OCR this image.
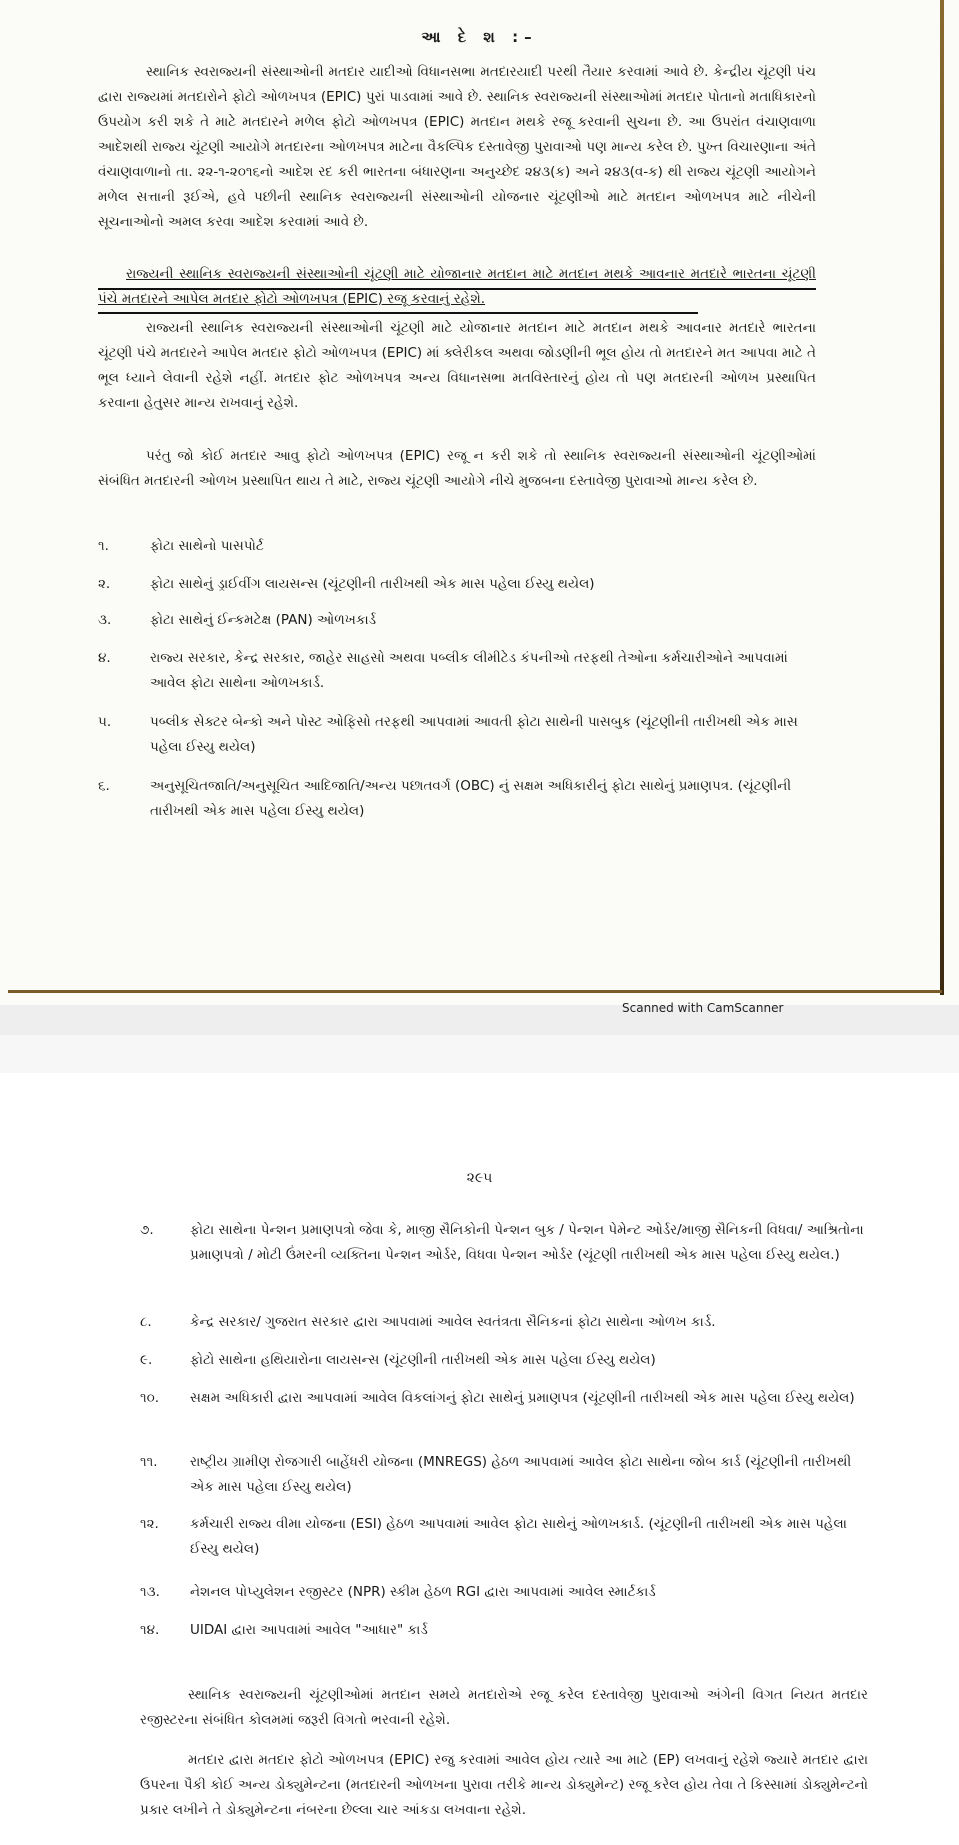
આ દે શ :–
સ્થાનિક સ્વરાજ્યની સંસ્થાઓની મતદાર યાદીઓ વિધાનસભા મતદારયાદી પરથી તૈયાર કરવામાં આવે છે. કેન્દ્રીય ચૂંટણી પંચ દ્વારા રાજ્યમાં મતદારોને ફોટો ઓળખપત્ર (EPIC) પુરાં પાડવામાં આવે છે. સ્થાનિક સ્વરાજ્યની સંસ્થાઓમાં મતદાર પોતાનો મતાધિકારનો ઉપયોગ કરી શકે તે માટે મતદારને મળેલ ફોટો ઓળખપત્ર (EPIC) મતદાન મથકે રજૂ કરવાની સુચના છે. આ ઉપરાંત વંચાણવાળા આદેશથી રાજ્ય ચૂંટણી આયોગે મતદારના ઓળખપત્ર માટેના વૈકલ્પિક દસ્તાવેજી પુરાવાઓ પણ માન્ય કરેલ છે. પુખ્ત વિચારણાના અંતે વંચાણવાળાનો તા. ૨૨-૧-૨૦૧૬નો આદેશ રદ કરી ભારતના બંધારણના અનુચ્છેદ ૨૪૩(ક) અને ૨૪૩(વ-ક) થી રાજ્ય ચૂંટણી આયોગને મળેલ સત્તાની રૂઈએ, હવે પછીની સ્થાનિક સ્વરાજ્યની સંસ્થાઓની યોજનાર ચૂંટણીઓ માટે મતદાન ઓળખપત્ર માટે નીચેની સૂચનાઓનો અમલ કરવા આદેશ કરવામાં આવે છે.
રાજ્યની સ્થાનિક સ્વરાજ્યની સંસ્થાઓની ચૂંટણી માટે યોજાનાર મતદાન માટે મતદાન મથકે આવનાર મતદારે ભારતના ચૂંટણી પંચે મતદારને આપેલ મતદાર ફોટો ઓળખપત્ર (EPIC) રજૂ કરવાનું રહેશે.
રાજ્યની સ્થાનિક સ્વરાજ્યની સંસ્થાઓની ચૂંટણી માટે યોજાનાર મતદાન માટે મતદાન મથકે આવનાર મતદારે ભારતના ચૂંટણી પંચે મતદારને આપેલ મતદાર ફોટો ઓળખપત્ર (EPIC) માં ક્લેરીકલ અથવા જોડણીની ભૂલ હોય તો મતદારને મત આપવા માટે તે ભૂલ ધ્યાને લેવાની રહેશે નહીં. મતદાર ફોટ ઓળખપત્ર અન્ય વિધાનસભા મતવિસ્તારનું હોય તો પણ મતદારની ઓળખ પ્રસ્થાપિત કરવાના હેતુસર માન્ય રાખવાનું રહેશે.
પરંતુ જો કોઈ મતદાર આવુ ફોટો ઓળખપત્ર (EPIC) રજૂ ન કરી શકે તો સ્થાનિક સ્વરાજ્યની સંસ્થાઓની ચૂંટણીઓમાં સંબંધિત મતદારની ઓળખ પ્રસ્થાપિત થાય તે માટે, રાજ્ય ચૂંટણી આયોગે નીચે મુજબના દસ્તાવેજી પુરાવાઓ માન્ય કરેલ છે.
૧.	ફોટા સાથેનો પાસપોર્ટ
૨.	ફોટા સાથેનું ડ્રાઈવીંગ લાયસન્સ (ચૂંટણીની તારીખથી એક માસ પહેલા ઈસ્યુ થયેલ)
૩.	ફોટા સાથેનું ઈન્કમટેક્ષ (PAN) ઓળખકાર્ડ
૪.	રાજ્ય સરકાર, કેન્દ્ર સરકાર, જાહેર સાહસો અથવા પબ્લીક લીમીટેડ કંપનીઓ તરફથી તેઓના કર્મચારીઓને આપવામાં આવેલ ફોટા સાથેના ઓળખકાર્ડ.
૫.	પબ્લીક સેક્ટર બેન્કો અને પોસ્ટ ઓફિસો તરફથી આપવામાં આવતી ફોટા સાથેની પાસબુક (ચૂંટણીની તારીખથી એક માસ પહેલા ઈસ્યુ થયેલ)
૬.	અનુસૂચિતજાતિ/અનુસૂચિત આદિજાતિ/અન્ય પછાતવર્ગ (OBC) નું સક્ષમ અધિકારીનું ફોટા સાથેનું પ્રમાણપત્ર. (ચૂંટણીની તારીખથી એક માસ પહેલા ઈસ્યુ થયેલ)
Scanned with CamScanner
૨૯૫
૭.	ફોટા સાથેના પેન્શન પ્રમાણપત્રો જેવા કે, માજી સૈનિકોની પેન્શન બુક / પેન્શન પેમેન્ટ ઓર્ડર/માજી સૈનિકની વિધવા/ આશ્રિતોના પ્રમાણપત્રો / મોટી ઉંમરની વ્યક્તિના પેન્શન ઓર્ડર, વિધવા પેન્શન ઓર્ડર (ચૂંટણી તારીખથી એક માસ પહેલા ઈસ્યુ થયેલ.)
૮.	કેન્દ્ર સરકાર/ ગુજરાત સરકાર દ્વારા આપવામાં આવેલ સ્વતંત્રતા સૈનિકનાં ફોટા સાથેના ઓળખ કાર્ડ.
૯.	ફોટો સાથેના હથિયારોના લાયસન્સ (ચૂંટણીની તારીખથી એક માસ પહેલા ઈસ્યુ થયેલ)
૧૦. સક્ષમ અધિકારી દ્વારા આપવામાં આવેલ વિકલાંગનું ફોટા સાથેનું પ્રમાણપત્ર (ચૂંટણીની તારીખથી એક માસ પહેલા ઈસ્યુ થયેલ)
૧૧. રાષ્ટ્રીય ગ્રામીણ રોજગારી બાહેંધરી યોજના (MNREGS) હેઠળ આપવામાં આવેલ ફોટા સાથેના જોબ કાર્ડ (ચૂંટણીની તારીખથી એક માસ પહેલા ઈસ્યુ થયેલ)
૧૨. કર્મચારી રાજ્ય વીમા યોજના (ESI) હેઠળ આપવામાં આવેલ ફોટા સાથેનું ઓળખકાર્ડ. (ચૂંટણીની તારીખથી એક માસ પહેલા ઈસ્યુ થયેલ)
૧૩. નેશનલ પોપ્યુલેશન રજીસ્ટર (NPR) સ્કીમ હેઠળ RGI દ્વારા આપવામાં આવેલ સ્માર્ટકાર્ડ
૧૪. UIDAI દ્વારા આપવામાં આવેલ "આધાર" કાર્ડ
સ્થાનિક સ્વરાજ્યની ચૂંટણીઓમાં મતદાન સમયે મતદારોએ રજૂ કરેલ દસ્તાવેજી પુરાવાઓ અંગેની વિગત નિયત મતદાર રજીસ્ટરના સંબંધિત કોલમમાં જરૂરી વિગતો ભરવાની રહેશે.
મતદાર દ્વારા મતદાર ફોટો ઓળખપત્ર (EPIC) રજુ કરવામાં આવેલ હોય ત્યારે આ માટે (EP) લખવાનું રહેશે જ્યારે મતદાર દ્વારા ઉપરના પૈકી કોઈ અન્ય ડોક્યુમેન્ટના (મતદારની ઓળખના પુરાવા તરીકે માન્ય ડોક્યુમેન્ટ) રજૂ કરેલ હોય તેવા તે કિસ્સામાં ડોક્યુમેન્ટનો પ્રકાર લખીને તે ડોક્યુમેન્ટના નંબરના છેલ્લા ચાર આંકડા લખવાના રહેશે.
